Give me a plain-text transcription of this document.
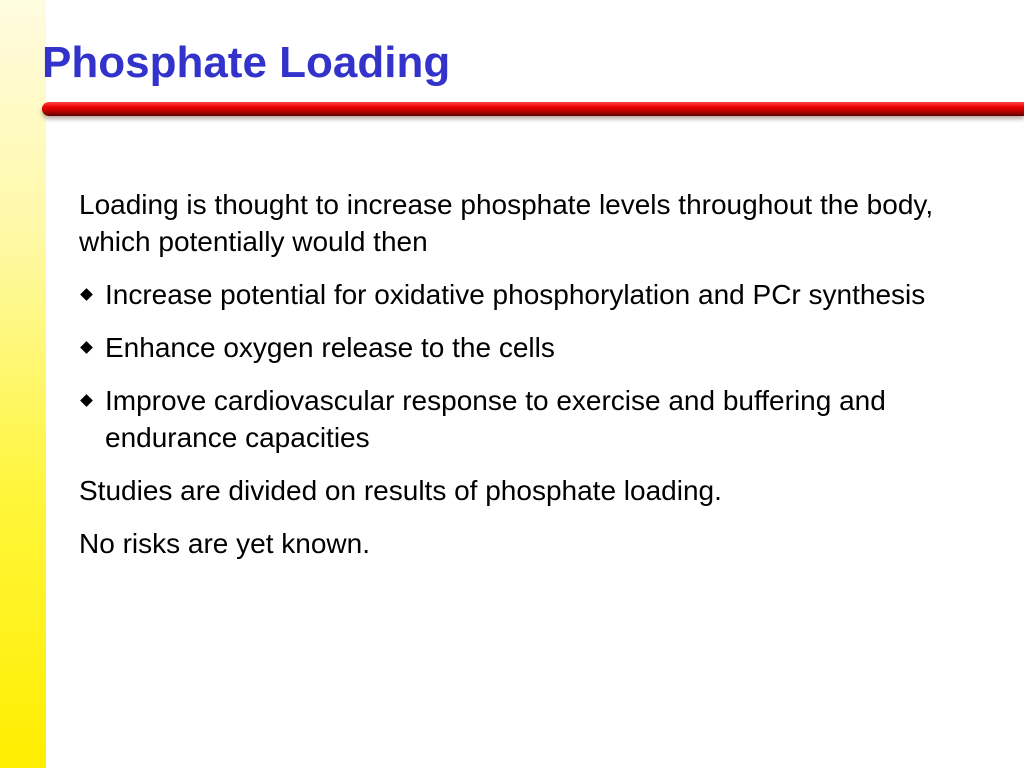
Phosphate Loading

Loading is thought to increase phosphate levels throughout the body, which potentially would then

Increase potential for oxidative phosphorylation and PCr synthesis
Enhance oxygen release to the cells
Improve cardiovascular response to exercise and buffering and endurance capacities

Studies are divided on results of phosphate loading.

No risks are yet known.
